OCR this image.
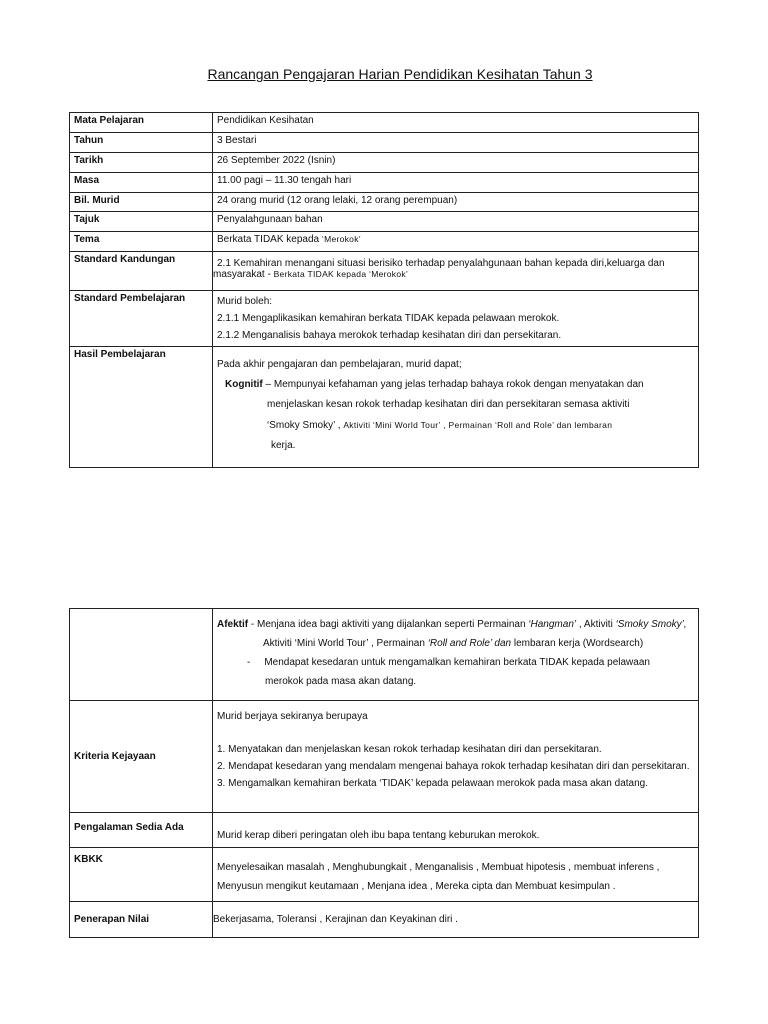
Rancangan Pengajaran Harian Pendidikan Kesihatan Tahun 3
Mata Pelajaran	Pendidikan Kesihatan
Tahun	3 Bestari
Tarikh	26 September 2022 (Isnin)
Masa	11.00 pagi – 11.30 tengah hari
Bil. Murid	24 orang murid (12 orang lelaki, 12 orang perempuan)
Tajuk	Penyalahgunaan bahan
Tema	Berkata TIDAK kepada ‘Merokok’
Standard Kandungan	2.1 Kemahiran menangani situasi berisiko terhadap penyalahgunaan bahan kepada diri,keluarga dan
masyarakat - Berkata TIDAK kepada ‘Merokok’

Standard Pembelajaran	Murid boleh:
2.1.1 Mengaplikasikan kemahiran berkata TIDAK kepada pelawaan merokok.
2.1.2 Menganalisis bahaya merokok terhadap kesihatan diri dan persekitaran.

Hasil Pembelajaran	Pada akhir pengajaran dan pembelajaran, murid dapat;
Kognitif – Mempunyai kefahaman yang jelas terhadap bahaya rokok dengan menyatakan dan
menjelaskan kesan rokok terhadap kesihatan diri dan persekitaran semasa aktiviti
‘Smoky Smoky’ , Aktiviti ‘Mini World Tour’ , Permainan ‘Roll and Role’ dan lembaran
kerja.

	Afektif - Menjana idea bagi aktiviti yang dijalankan seperti Permainan ‘Hangman’ , Aktiviti ‘Smoky Smoky’,
Aktiviti ‘Mini World Tour’ , Permainan ‘Roll and Role’ dan lembaran kerja (Wordsearch)
- Mendapat kesedaran untuk mengamalkan kemahiran berkata TIDAK kepada pelawaan
merokok pada masa akan datang.

Kriteria Kejayaan	Murid berjaya sekiranya berupaya
1. Menyatakan dan menjelaskan kesan rokok terhadap kesihatan diri dan persekitaran.
2. Mendapat kesedaran yang mendalam mengenai bahaya rokok terhadap kesihatan diri dan persekitaran.
3. Mengamalkan kemahiran berkata ‘TIDAK’ kepada pelawaan merokok pada masa akan datang.

Pengalaman Sedia Ada	Murid kerap diberi peringatan oleh ibu bapa tentang keburukan merokok.
KBKK	Menyelesaikan masalah , Menghubungkait , Menganalisis , Membuat hipotesis , membuat inferens ,
Menyusun mengikut keutamaan , Menjana idea , Mereka cipta dan Membuat kesimpulan .

Penerapan Nilai	Bekerjasama, Toleransi , Kerajinan dan Keyakinan diri .
